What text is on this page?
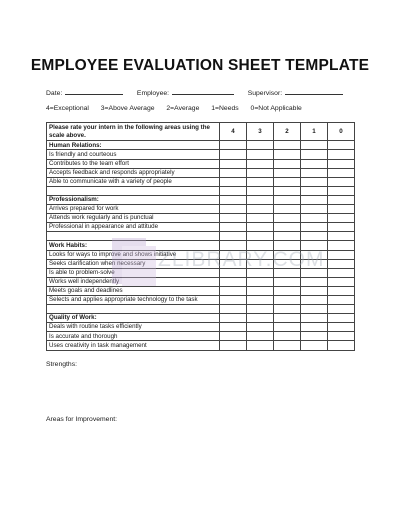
EMPLOYEE EVALUATION SHEET TEMPLATE
Date:	Employee:	Supervisor:
4=Exceptional 3=Above Average 2=Average 1=Needs 0=Not Applicable
Please rate your intern in the following areas using the scale above.	4	3	2	1	0
Human Relations:					
Is friendly and courteous					
Contributes to the team effort					
Accepts feedback and responds appropriately					
Able to communicate with a variety of people					

Professionalism:					
Arrives prepared for work					
Attends work regularly and is punctual					
Professional in appearance and attitude					

Work Habits:					
Looks for ways to improve and shows initiative					
Seeks clarification when necessary					
Is able to problem-solve					
Works well independently					
Meets goals and deadlines					
Selects and applies appropriate technology to the task					

Quality of Work:					
Deals with routine tasks efficiently					
Is accurate and thorough					
Uses creativity in task management					
ZLIBRARY.COM
Strengths:
Areas for Improvement:
